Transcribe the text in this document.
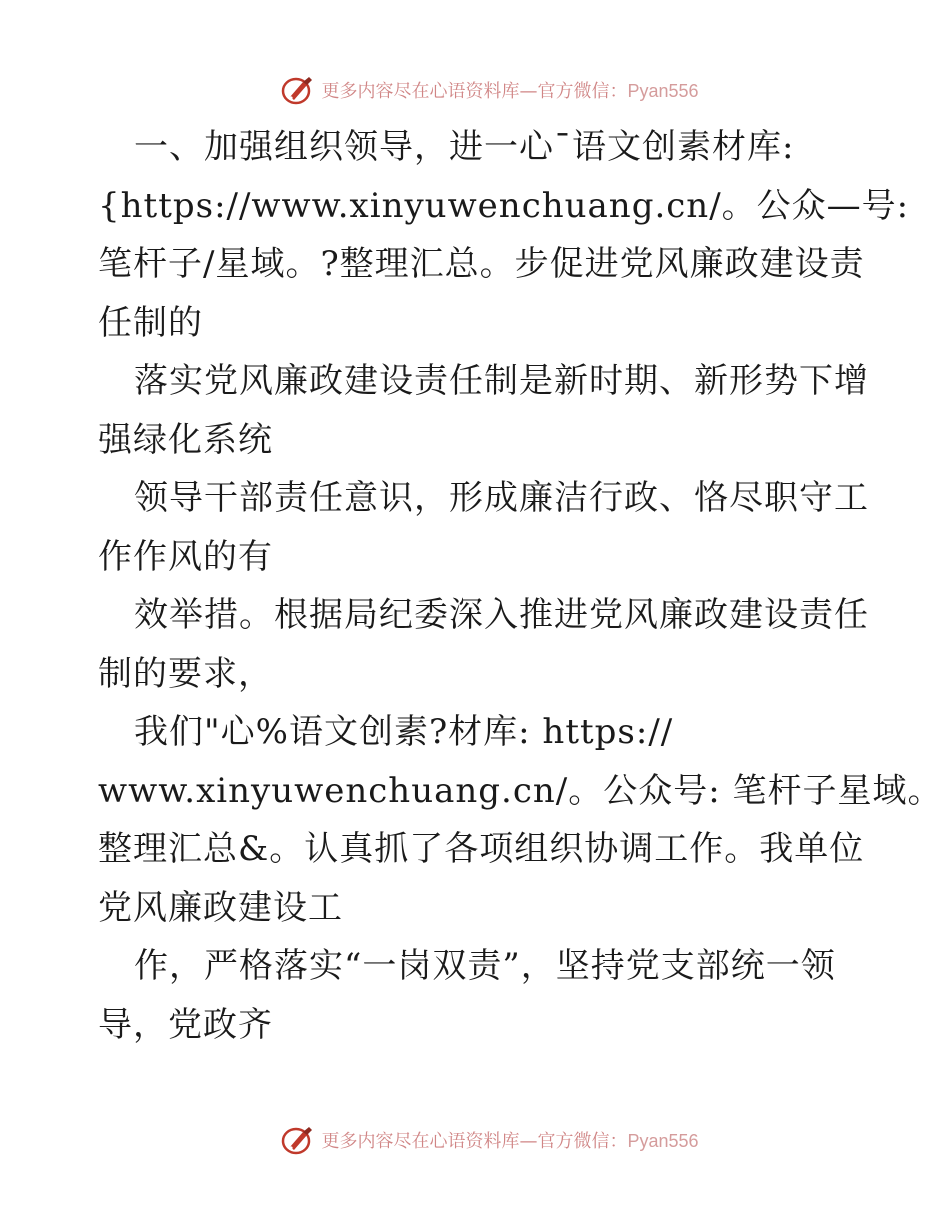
更多内容尽在心语资料库—官方微信：Pyan556
一、加强组织领导，进一心¯语文创素材库:
{https://www.xinyuwenchuang.cn/。公众—号:
笔杆子/星域。?整理汇总。步促进党风廉政建设责
任制的
落实党风廉政建设责任制是新时期、新形势下增
强绿化系统
领导干部责任意识，形成廉洁行政、恪尽职守工
作作风的有
效举措。根据局纪委深入推进党风廉政建设责任
制的要求，
我们"心%语文创素?材库: https://
www.xinyuwenchuang.cn/。公众号: 笔杆子星域。
整理汇总&。认真抓了各项组织协调工作。我单位
党风廉政建设工
作，严格落实“一岗双责”，坚持党支部统一领
导，党政齐
更多内容尽在心语资料库—官方微信：Pyan556
